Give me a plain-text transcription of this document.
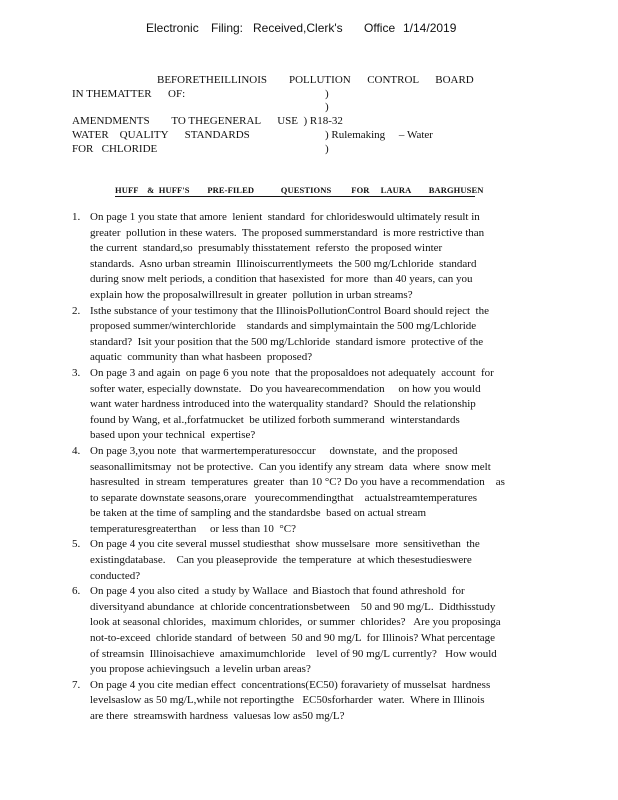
Electronic Filing: Received,Clerk's Office 1/14/2019
BEFORETHEILLINOIS        POLLUTION      CONTROL      BOARD
IN THEMATTER      OF:	)
)
AMENDMENTS        TO THEGENERAL      USE  ) R18-32
WATER    QUALITY      STANDARDS	) Rulemaking     – Water
FOR   CHLORIDE	)
HUFF    &  HUFF'S        PRE-FILED            QUESTIONS         FOR     LAURA        BARGHUSEN
1. On page 1 you state that amore  lenient  standard  for chlorideswould ultimately result in
greater  pollution in these waters.  The proposed summerstandard  is more restrictive than
the current  standard,so  presumably thisstatement  refersto  the proposed winter
standards.  Asno urban streamin  Illinoiscurrentlymeets  the 500 mg/Lchloride  standard
during snow melt periods, a condition that hasexisted  for more  than 40 years, can you
explain how the proposalwillresult in greater  pollution in urban streams?
2. Isthe substance of your testimony that the IllinoisPollutionControl Board should reject  the
proposed summer/winterchloride    standards and simplymaintain the 500 mg/Lchloride
standard?  Isit your position that the 500 mg/Lchloride  standard ismore  protective of the
aquatic  community than what hasbeen  proposed?
3. On page 3 and again  on page 6 you note  that the proposaldoes not adequately  account  for
softer water, especially downstate.   Do you havearecommendation     on how you would
want water hardness introduced into the waterquality standard?  Should the relationship
found by Wang, et al.,forfatmucket  be utilized forboth summerand  winterstandards
based upon your technical  expertise?
4. On page 3,you note  that warmertemperaturesoccur     downstate,  and the proposed
seasonallimitsmay  not be protective.  Can you identify any stream  data  where  snow melt
hasresulted  in stream  temperatures  greater  than 10 °C? Do you have a recommendation    as
to separate downstate seasons,orare   yourecommendingthat    actualstreamtemperatures
be taken at the time of sampling and the standardsbe  based on actual stream
temperaturesgreaterthan     or less than 10  °C?
5. On page 4 you cite several mussel studiesthat  show musselsare  more  sensitivethan  the
existingdatabase.    Can you pleaseprovide  the temperature  at which thesestudieswere
conducted?
6. On page 4 you also cited  a study by Wallace  and Biastoch that found athreshold  for
diversityand abundance  at chloride concentrationsbetween    50 and 90 mg/L.  Didthisstudy
look at seasonal chlorides,  maximum chlorides,  or summer  chlorides?   Are you proposinga
not-to-exceed  chloride standard  of between  50 and 90 mg/L  for Illinois? What percentage
of streamsin  Illinoisachieve  amaximumchloride    level of 90 mg/L currently?   How would
you propose achievingsuch  a levelin urban areas?
7. On page 4 you cite median effect  concentrations(EC50) foravariety of musselsat  hardness
levelsaslow as 50 mg/L,while not reportingthe   EC50sforharder  water.  Where in Illinois
are there  streamswith hardness  valuesas low as50 mg/L?
